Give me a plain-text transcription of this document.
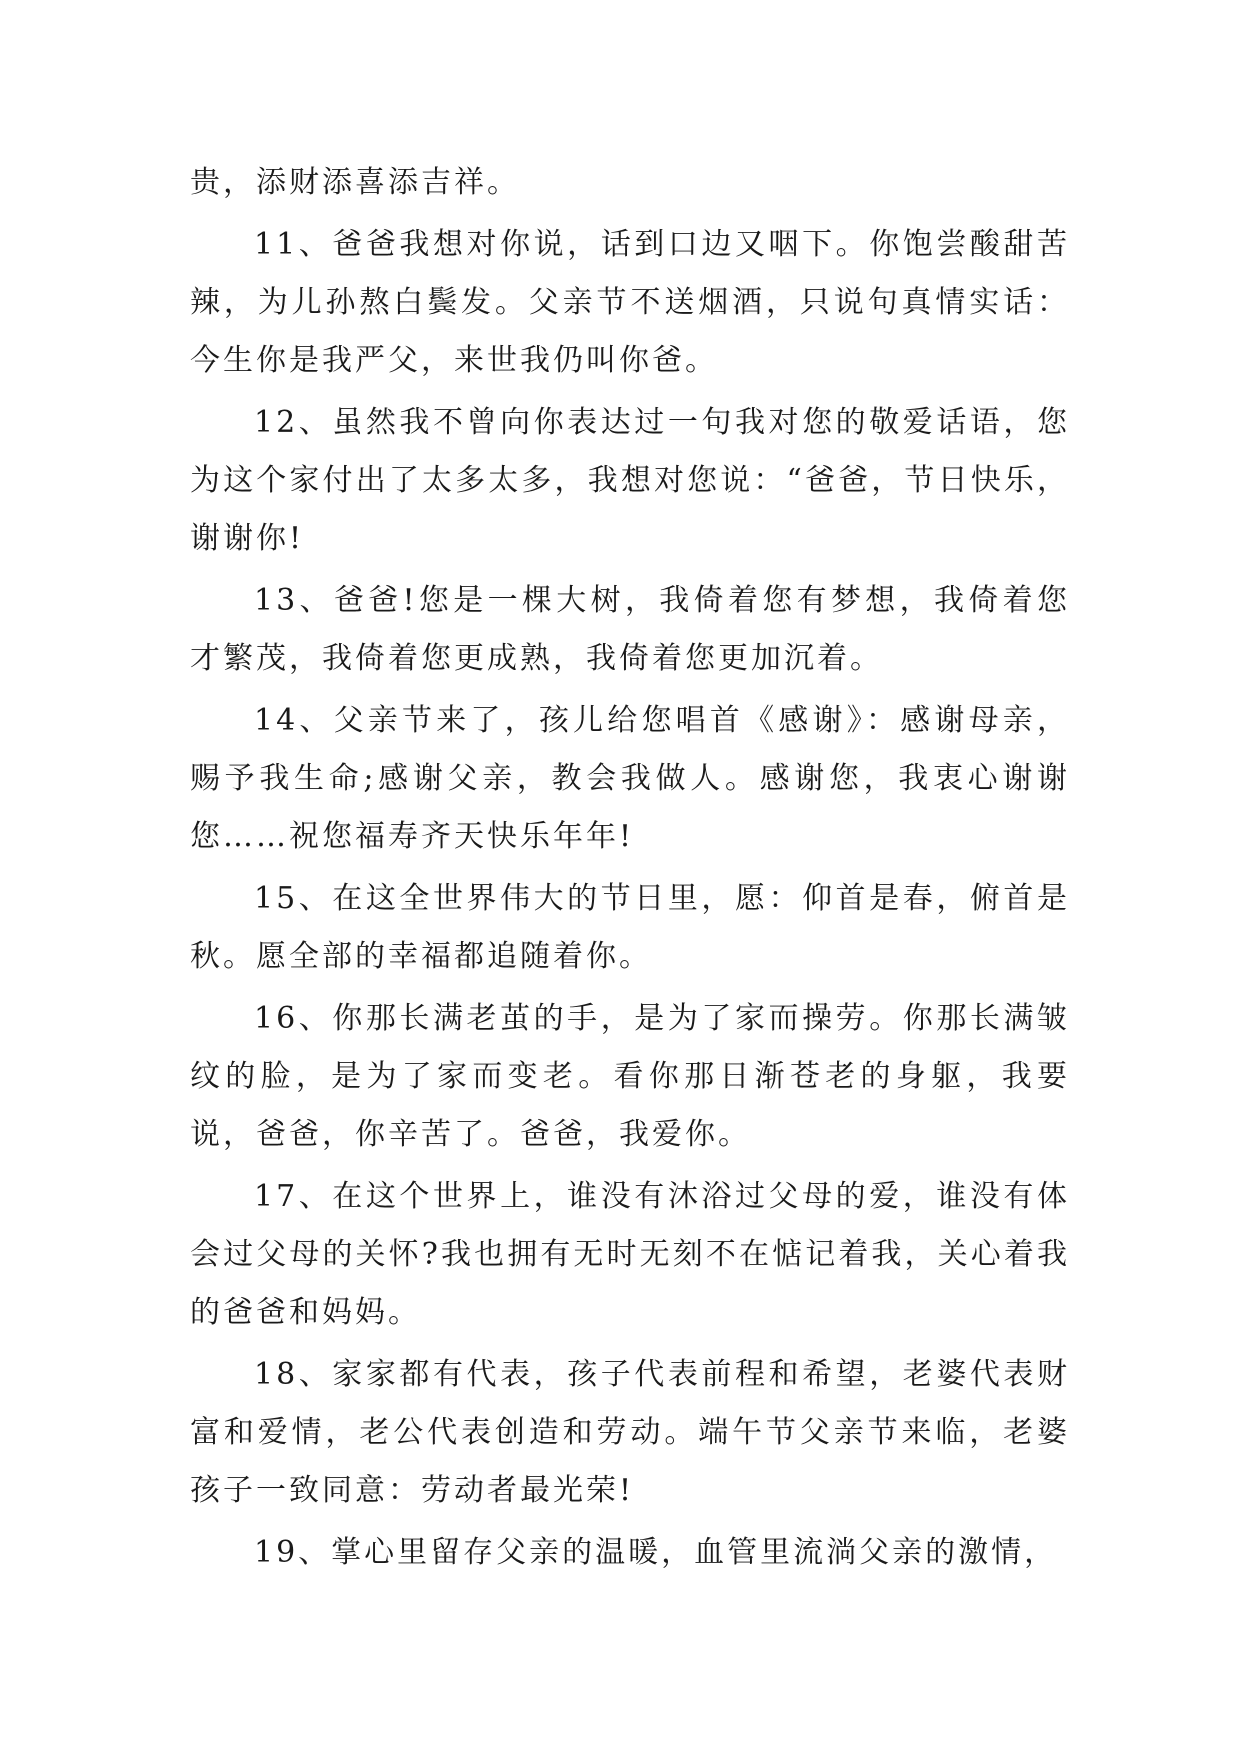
贵，添财添喜添吉祥。

11、爸爸我想对你说，话到口边又咽下。你饱尝酸甜苦辣，为儿孙熬白鬓发。父亲节不送烟酒，只说句真情实话：今生你是我严父，来世我仍叫你爸。

12、虽然我不曾向你表达过一句我对您的敬爱话语，您为这个家付出了太多太多，我想对您说：“爸爸，节日快乐，谢谢你!

13、爸爸!您是一棵大树，我倚着您有梦想，我倚着您才繁茂，我倚着您更成熟，我倚着您更加沉着。

14、父亲节来了，孩儿给您唱首《感谢》：感谢母亲，赐予我生命;感谢父亲，教会我做人。感谢您，我衷心谢谢您……祝您福寿齐天快乐年年!

15、在这全世界伟大的节日里，愿：仰首是春，俯首是秋。愿全部的幸福都追随着你。

16、你那长满老茧的手，是为了家而操劳。你那长满皱纹的脸，是为了家而变老。看你那日渐苍老的身躯，我要说，爸爸，你辛苦了。爸爸，我爱你。

17、在这个世界上，谁没有沐浴过父母的爱，谁没有体会过父母的关怀?我也拥有无时无刻不在惦记着我，关心着我的爸爸和妈妈。

18、家家都有代表，孩子代表前程和希望，老婆代表财富和爱情，老公代表创造和劳动。端午节父亲节来临，老婆孩子一致同意：劳动者最光荣!

19、掌心里留存父亲的温暖，血管里流淌父亲的激情，
